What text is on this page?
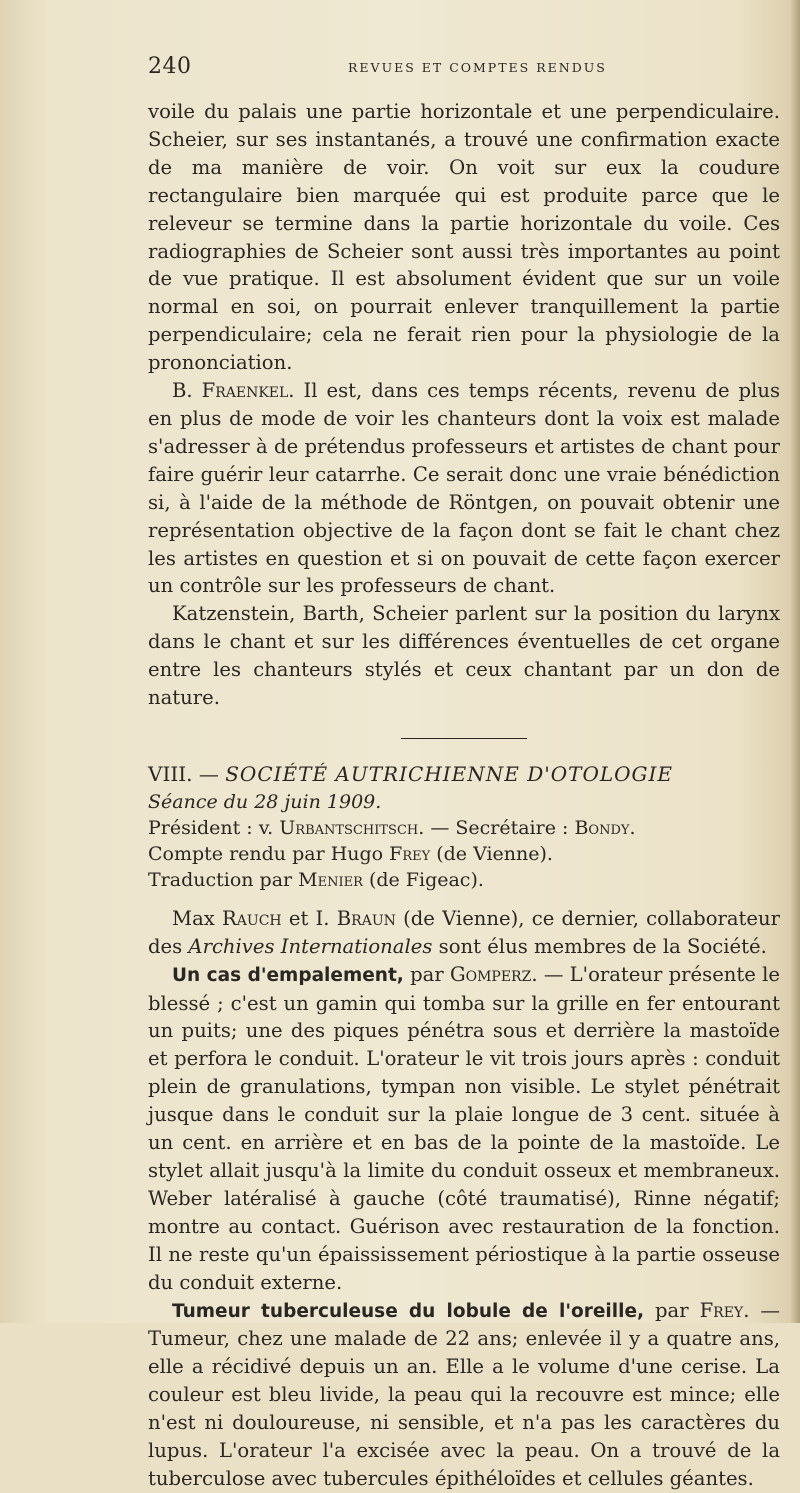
240	REVUES ET COMPTES RENDUS

voile du palais une partie horizontale et une perpendiculaire. Scheier, sur ses instantanés, a trouvé une confirmation exacte de ma manière de voir. On voit sur eux la coudure rectangulaire bien marquée qui est produite parce que le releveur se termine dans la partie horizontale du voile. Ces radiographies de Scheier sont aussi très importantes au point de vue pratique. Il est absolument évident que sur un voile normal en soi, on pourrait enlever tranquillement la partie perpendiculaire; cela ne ferait rien pour la physiologie de la prononciation.

B. Fraenkel. Il est, dans ces temps récents, revenu de plus en plus de mode de voir les chanteurs dont la voix est malade s'adresser à de prétendus professeurs et artistes de chant pour faire guérir leur catarrhe. Ce serait donc une vraie bénédiction si, à l'aide de la méthode de Röntgen, on pouvait obtenir une représentation objective de la façon dont se fait le chant chez les artistes en question et si on pouvait de cette façon exercer un contrôle sur les professeurs de chant.

Katzenstein, Barth, Scheier parlent sur la position du larynx dans le chant et sur les différences éventuelles de cet organe entre les chanteurs stylés et ceux chantant par un don de nature.

VIII. — SOCIÉTÉ AUTRICHIENNE D'OTOLOGIE

Séance du 28 juin 1909.

Président : v. Urbantschitsch. — Secrétaire : Bondy.

Compte rendu par Hugo Frey (de Vienne).

Traduction par Menier (de Figeac).

Max Rauch et I. Braun (de Vienne), ce dernier, collaborateur des Archives Internationales sont élus membres de la Société.

Un cas d'empalement, par Gomperz. — L'orateur présente le blessé ; c'est un gamin qui tomba sur la grille en fer entourant un puits; une des piques pénétra sous et derrière la mastoïde et perfora le conduit. L'orateur le vit trois jours après : conduit plein de granulations, tympan non visible. Le stylet pénétrait jusque dans le conduit sur la plaie longue de 3 cent. située à un cent. en arrière et en bas de la pointe de la mastoïde. Le stylet allait jusqu'à la limite du conduit osseux et membraneux. Weber latéralisé à gauche (côté traumatisé), Rinne négatif; montre au contact. Guérison avec restauration de la fonction. Il ne reste qu'un épaississement périostique à la partie osseuse du conduit externe.

Tumeur tuberculeuse du lobule de l'oreille, par Frey. — Tumeur, chez une malade de 22 ans; enlevée il y a quatre ans, elle a récidivé depuis un an. Elle a le volume d'une cerise. La couleur est bleu livide, la peau qui la recouvre est mince; elle n'est ni douloureuse, ni sensible, et n'a pas les caractères du lupus. L'orateur l'a excisée avec la peau. On a trouvé de la tuberculose avec tubercules épithéloïdes et cellules géantes.
